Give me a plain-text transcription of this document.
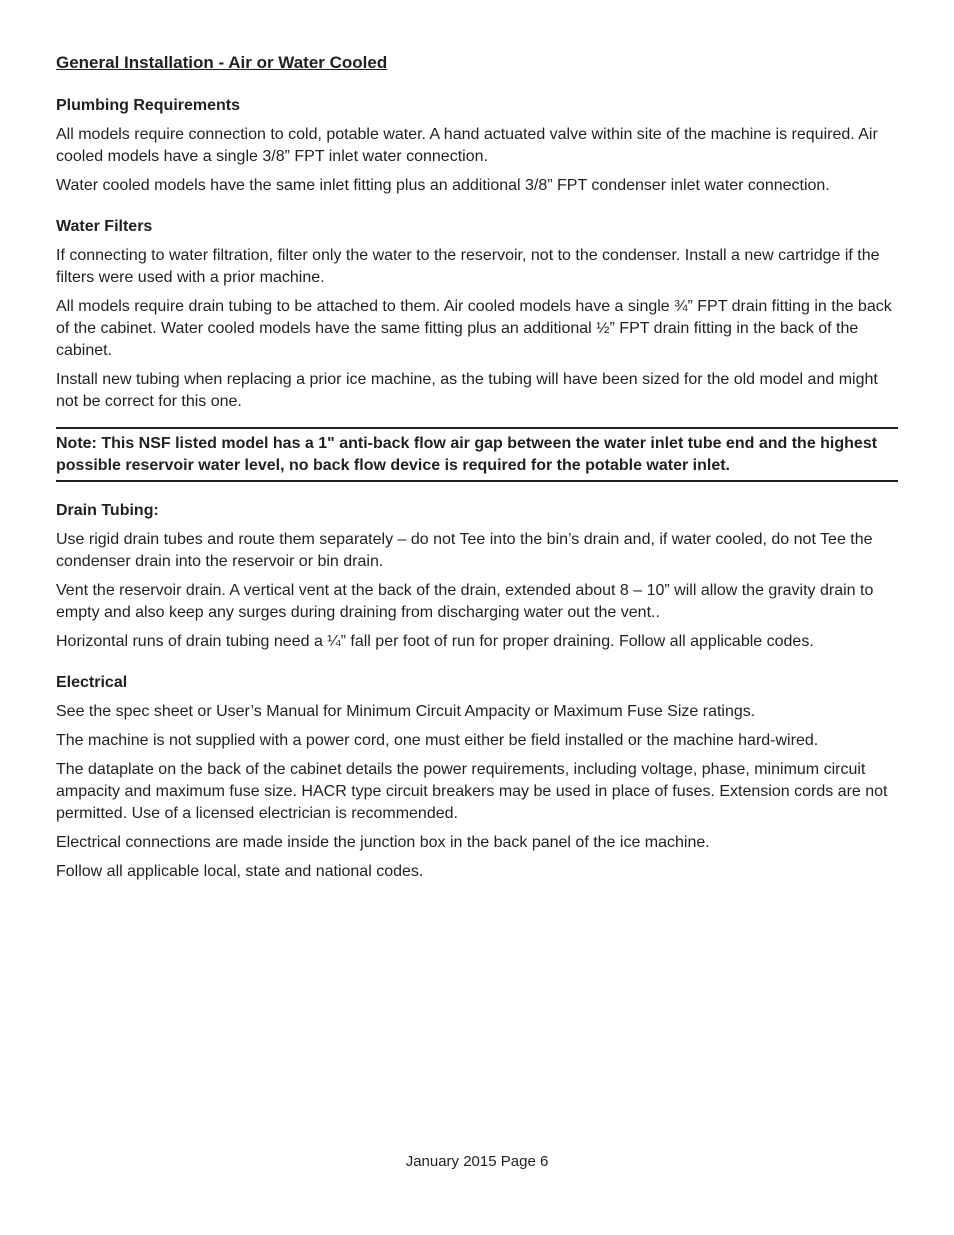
General Installation - Air or Water Cooled
Plumbing Requirements
All models require connection to cold, potable water. A hand actuated valve within site of the machine is required. Air cooled models have a single 3/8” FPT inlet water connection.
Water cooled models have the same inlet fitting plus an additional 3/8” FPT condenser inlet water connection.
Water Filters
If connecting to water filtration, filter only the water to the reservoir, not to the condenser. Install a new cartridge if the filters were used with a prior machine.
All models require drain tubing to be attached to them. Air cooled models have a single ¾” FPT drain fitting in the back of the cabinet. Water cooled models have the same fitting plus an additional ½” FPT drain fitting in the back of the cabinet.
Install new tubing when replacing a prior ice machine, as the tubing will have been sized for the old model and might not be correct for this one.
Note: This NSF listed model has a 1" anti-back flow air gap between the water inlet tube end and the highest possible reservoir water level, no back flow device is required for the potable water inlet.
Drain Tubing:
Use rigid drain tubes and route them separately – do not Tee into the bin’s drain and, if water cooled, do not Tee the condenser drain into the reservoir or bin drain.
Vent the reservoir drain. A vertical vent at the back of the drain, extended about 8 – 10” will allow the gravity drain to empty and also keep any surges during draining from discharging water out the vent..
Horizontal runs of drain tubing need a ¼” fall per foot of run for proper draining. Follow all applicable codes.
Electrical
See the spec sheet or User’s Manual for Minimum Circuit Ampacity or Maximum Fuse Size ratings.
The machine is not supplied with a power cord, one must either be field installed or the machine hard-wired.
The dataplate on the back of the cabinet details the power requirements, including voltage, phase, minimum circuit ampacity and maximum fuse size. HACR type circuit breakers may be used in place of fuses. Extension cords are not permitted. Use of a licensed electrician is recommended.
Electrical connections are made inside the junction box in the back panel of the ice machine.
Follow all applicable local, state and national codes.
January 2015 Page 6
